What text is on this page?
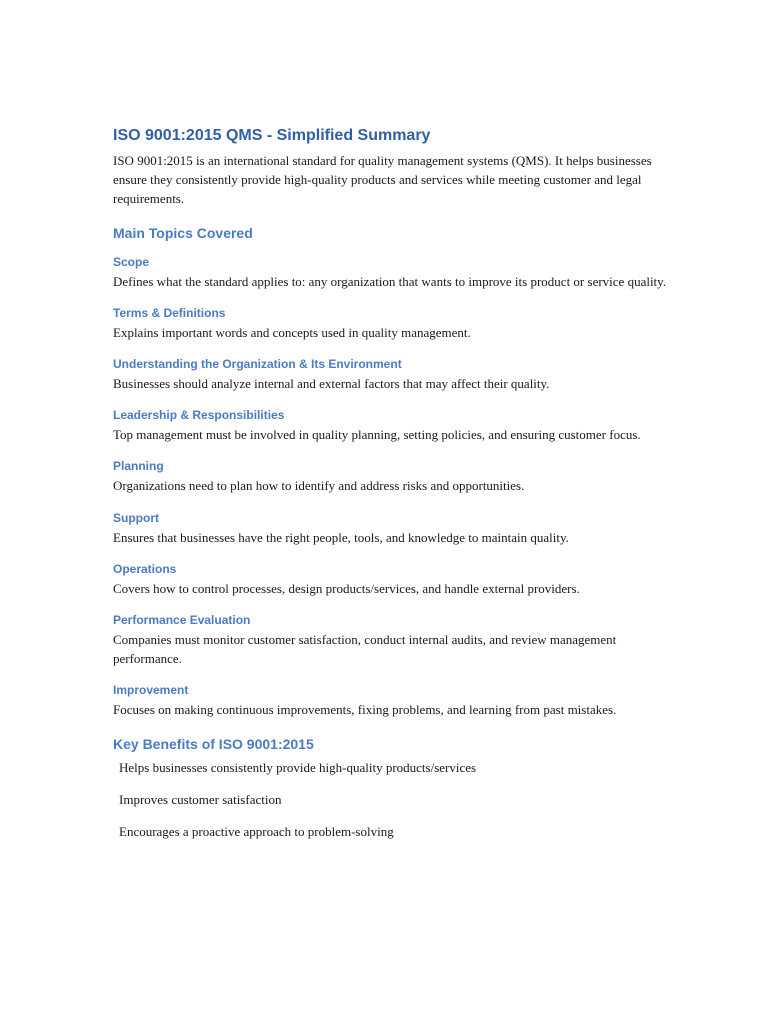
ISO 9001:2015 QMS - Simplified Summary

ISO 9001:2015 is an international standard for quality management systems (QMS). It helps businesses ensure they consistently provide high-quality products and services while meeting customer and legal requirements.

Main Topics Covered
Scope

Defines what the standard applies to: any organization that wants to improve its product or service quality.

Terms & Definitions

Explains important words and concepts used in quality management.

Understanding the Organization & Its Environment

Businesses should analyze internal and external factors that may affect their quality.

Leadership & Responsibilities

Top management must be involved in quality planning, setting policies, and ensuring customer focus.

Planning

Organizations need to plan how to identify and address risks and opportunities.

Support

Ensures that businesses have the right people, tools, and knowledge to maintain quality.

Operations

Covers how to control processes, design products/services, and handle external providers.

Performance Evaluation

Companies must monitor customer satisfaction, conduct internal audits, and review management performance.

Improvement

Focuses on making continuous improvements, fixing problems, and learning from past mistakes.

Key Benefits of ISO 9001:2015
Helps businesses consistently provide high-quality products/services
Improves customer satisfaction
Encourages a proactive approach to problem-solving
